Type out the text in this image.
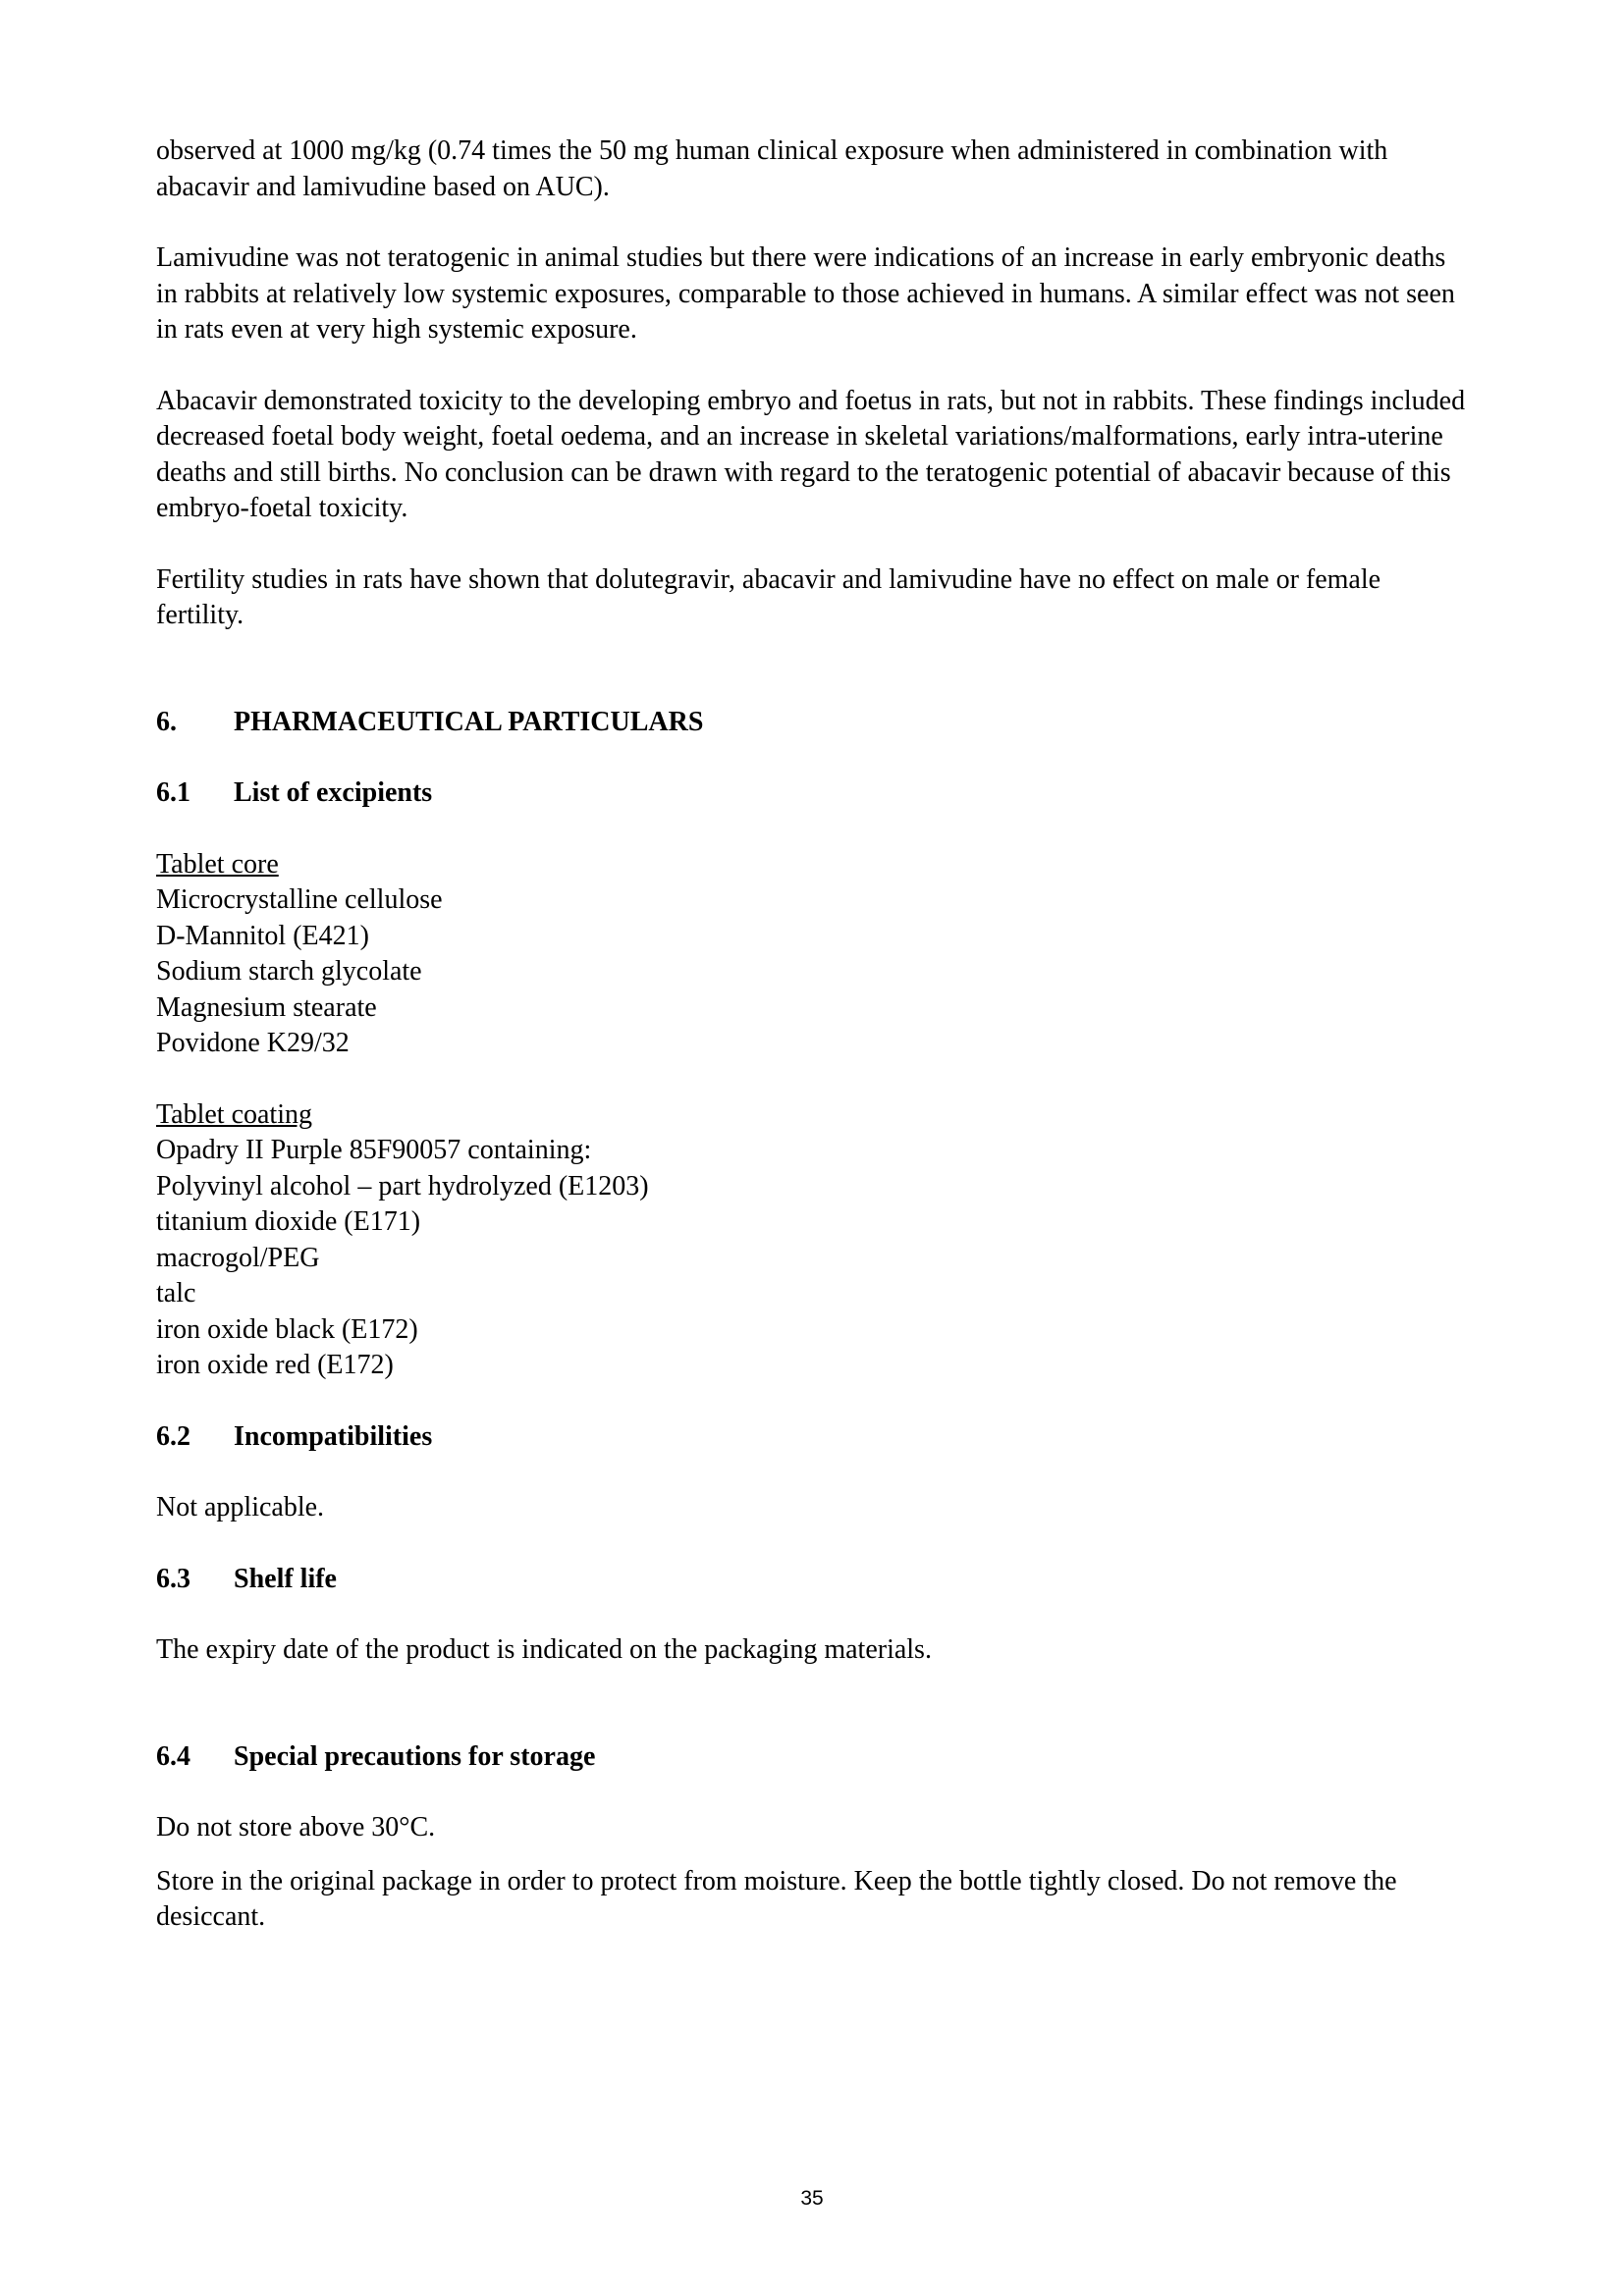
observed at 1000 mg/kg (0.74 times the 50 mg human clinical exposure when administered in combination with abacavir and lamivudine based on AUC).

Lamivudine was not teratogenic in animal studies but there were indications of an increase in early embryonic deaths in rabbits at relatively low systemic exposures, comparable to those achieved in humans. A similar effect was not seen in rats even at very high systemic exposure.

Abacavir demonstrated toxicity to the developing embryo and foetus in rats, but not in rabbits. These findings included decreased foetal body weight, foetal oedema, and an increase in skeletal variations/malformations, early intra-uterine deaths and still births. No conclusion can be drawn with regard to the teratogenic potential of abacavir because of this embryo-foetal toxicity.

Fertility studies in rats have shown that dolutegravir, abacavir and lamivudine have no effect on male or female fertility.

6. PHARMACEUTICAL PARTICULARS
6.1 List of excipients

Tablet core

Microcrystalline cellulose

D-Mannitol (E421)

Sodium starch glycolate

Magnesium stearate

Povidone K29/32

Tablet coating

Opadry II Purple 85F90057 containing:

Polyvinyl alcohol – part hydrolyzed (E1203)

titanium dioxide (E171)

macrogol/PEG

talc

iron oxide black (E172)

iron oxide red (E172)

6.2 Incompatibilities

Not applicable.

6.3 Shelf life

The expiry date of the product is indicated on the packaging materials.

6.4 Special precautions for storage

Do not store above 30°C.

Store in the original package in order to protect from moisture. Keep the bottle tightly closed. Do not remove the desiccant.

35
